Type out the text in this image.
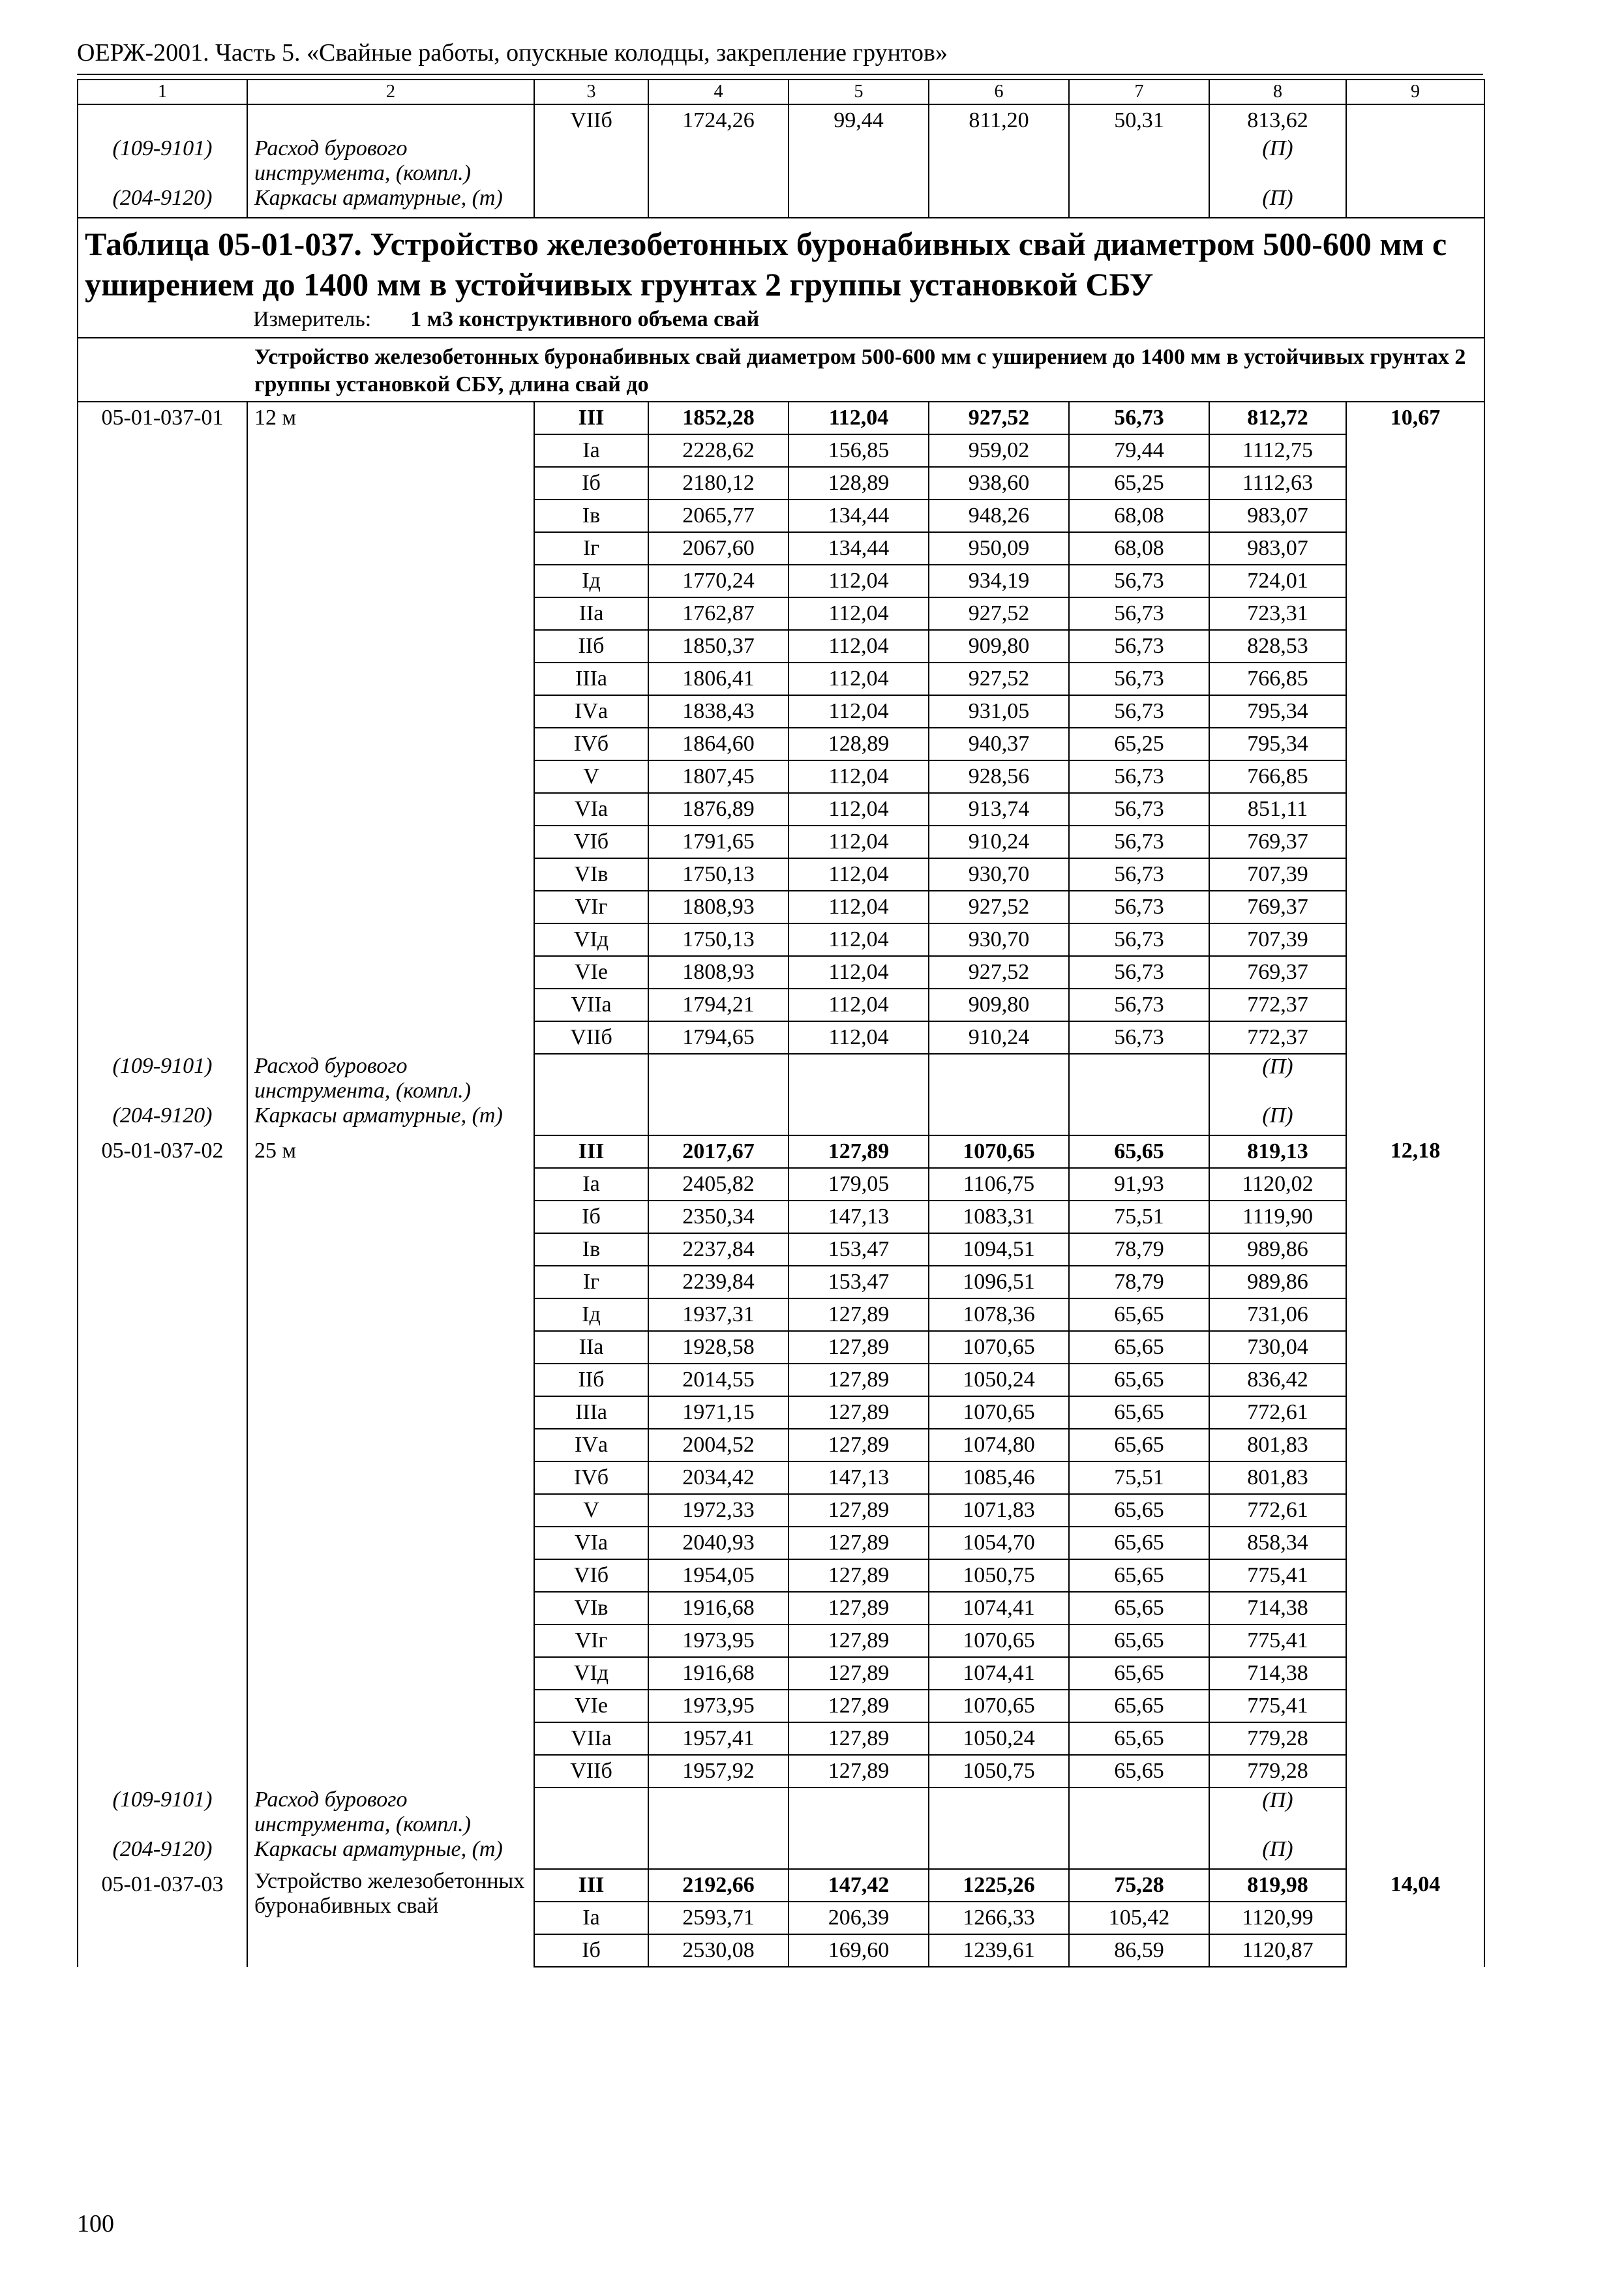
ОЕРЖ-2001. Часть 5. «Свайные работы, опускные колодцы, закрепление грунтов»
1	2	3	4	5	6	7	8	9
		VIIб	1724,26	99,44	811,20	50,31	813,62	
(109-9101)	Расход бурового инструмента, (компл.)						(П)	
(204-9120)	Каркасы арматурные, (т)						(П)	

Таблица 05-01-037. Устройство железобетонных буронабивных свай диаметром 500-600 мм с уширением до 1400 мм в устойчивых грунтах 2 группы установкой СБУ
Измеритель: 1 м3 конструктивного объема свай								

Устройство железобетонных буронабивных свай диаметром 500-600 мм с уширением до 1400 мм в устойчивых грунтах 2 группы установкой СБУ, длина свай до								

05-01-037-01	12 м	III	1852,28	112,04	927,52	56,73	812,72	10,67
		Iа	2228,62	156,85	959,02	79,44	1112,75	
		Iб	2180,12	128,89	938,60	65,25	1112,63	
		Iв	2065,77	134,44	948,26	68,08	983,07	
		Iг	2067,60	134,44	950,09	68,08	983,07	
		Iд	1770,24	112,04	934,19	56,73	724,01	
		IIа	1762,87	112,04	927,52	56,73	723,31	
		IIб	1850,37	112,04	909,80	56,73	828,53	
		IIIа	1806,41	112,04	927,52	56,73	766,85	
		IVа	1838,43	112,04	931,05	56,73	795,34	
		IVб	1864,60	128,89	940,37	65,25	795,34	
		V	1807,45	112,04	928,56	56,73	766,85	
		VIа	1876,89	112,04	913,74	56,73	851,11	
		VIб	1791,65	112,04	910,24	56,73	769,37	
		VIв	1750,13	112,04	930,70	56,73	707,39	
		VIг	1808,93	112,04	927,52	56,73	769,37	
		VIд	1750,13	112,04	930,70	56,73	707,39	
		VIе	1808,93	112,04	927,52	56,73	769,37	
		VIIа	1794,21	112,04	909,80	56,73	772,37	
		VIIб	1794,65	112,04	910,24	56,73	772,37	
(109-9101)	Расход бурового инструмента, (компл.)						(П)	
(204-9120)	Каркасы арматурные, (т)						(П)	
05-01-037-02	25 м	III	2017,67	127,89	1070,65	65,65	819,13	12,18
		Iа	2405,82	179,05	1106,75	91,93	1120,02	
		Iб	2350,34	147,13	1083,31	75,51	1119,90	
		Iв	2237,84	153,47	1094,51	78,79	989,86	
		Iг	2239,84	153,47	1096,51	78,79	989,86	
		Iд	1937,31	127,89	1078,36	65,65	731,06	
		IIа	1928,58	127,89	1070,65	65,65	730,04	
		IIб	2014,55	127,89	1050,24	65,65	836,42	
		IIIа	1971,15	127,89	1070,65	65,65	772,61	
		IVа	2004,52	127,89	1074,80	65,65	801,83	
		IVб	2034,42	147,13	1085,46	75,51	801,83	
		V	1972,33	127,89	1071,83	65,65	772,61	
		VIа	2040,93	127,89	1054,70	65,65	858,34	
		VIб	1954,05	127,89	1050,75	65,65	775,41	
		VIв	1916,68	127,89	1074,41	65,65	714,38	
		VIг	1973,95	127,89	1070,65	65,65	775,41	
		VIд	1916,68	127,89	1074,41	65,65	714,38	
		VIе	1973,95	127,89	1070,65	65,65	775,41	
		VIIа	1957,41	127,89	1050,24	65,65	779,28	
		VIIб	1957,92	127,89	1050,75	65,65	779,28	
(109-9101)	Расход бурового инструмента, (компл.)						(П)	
(204-9120)	Каркасы арматурные, (т)						(П)	
05-01-037-03	Устройство железобетонных буронабивных свай	III	2192,66	147,42	1225,26	75,28	819,98	14,04
		Iа	2593,71	206,39	1266,33	105,42	1120,99	
		Iб	2530,08	169,60	1239,61	86,59	1120,87	
100
